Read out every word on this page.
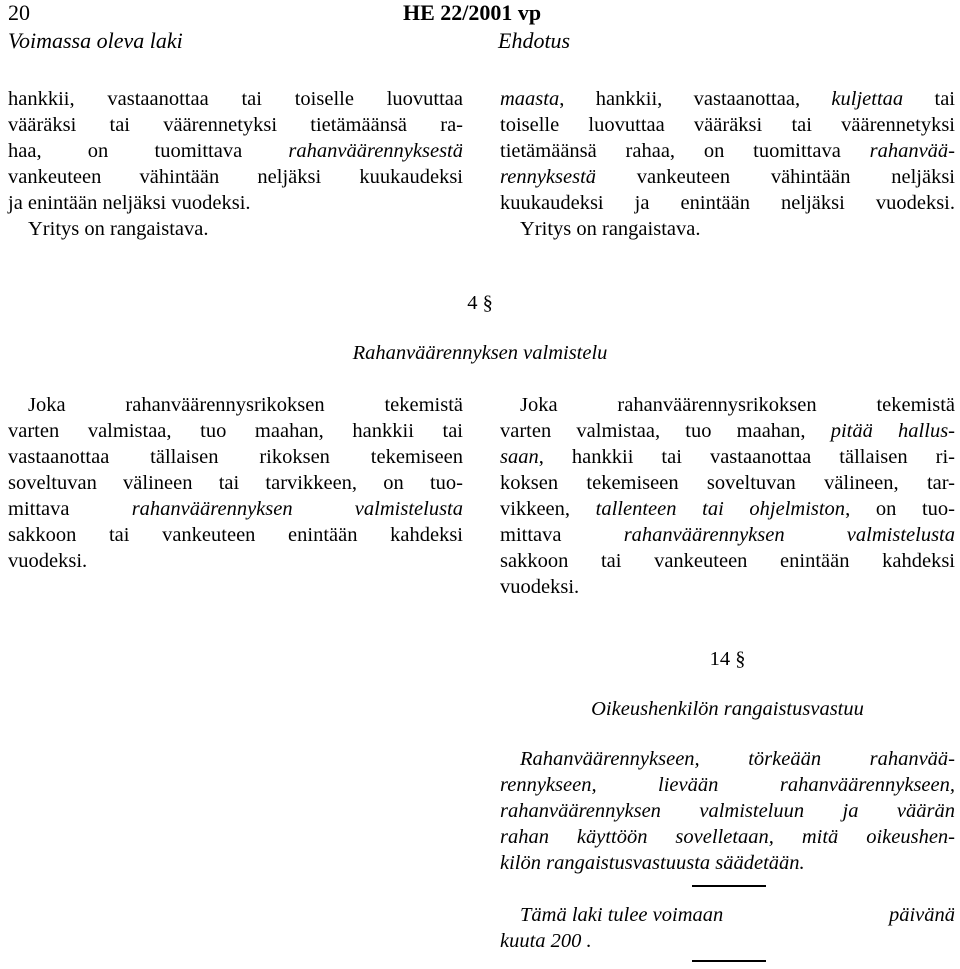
20	HE 22/2001 vp
Voimassa oleva laki	Ehdotus
hankkii, vastaanottaa tai toiselle luovuttaa
vääräksi tai väärennetyksi tietämäänsä ra-
haa, on tuomittava rahanväärennyksestä
vankeuteen vähintään neljäksi kuukaudeksi
ja enintään neljäksi vuodeksi.
Yritys on rangaistava.
maasta, hankkii, vastaanottaa, kuljettaa tai
toiselle luovuttaa vääräksi tai väärennetyksi
tietämäänsä rahaa, on tuomittava rahanvää-
rennyksestä vankeuteen vähintään neljäksi
kuukaudeksi ja enintään neljäksi vuodeksi.
Yritys on rangaistava.
4 §
Rahanväärennyksen valmistelu
Joka rahanväärennysrikoksen tekemistä
varten valmistaa, tuo maahan, hankkii tai
vastaanottaa tällaisen rikoksen tekemiseen
soveltuvan välineen tai tarvikkeen, on tuo-
mittava rahanväärennyksen valmistelusta
sakkoon tai vankeuteen enintään kahdeksi
vuodeksi.
Joka rahanväärennysrikoksen tekemistä
varten valmistaa, tuo maahan, pitää hallus-
saan, hankkii tai vastaanottaa tällaisen ri-
koksen tekemiseen soveltuvan välineen, tar-
vikkeen, tallenteen tai ohjelmiston, on tuo-
mittava rahanväärennyksen valmistelusta
sakkoon tai vankeuteen enintään kahdeksi
vuodeksi.
14 §
Oikeushenkilön rangaistusvastuu
Rahanväärennykseen, törkeään rahanvää-
rennykseen, lievään rahanväärennykseen,
rahanväärennyksen valmisteluun ja väärän
rahan käyttöön sovelletaan, mitä oikeushen-
kilön rangaistusvastuusta säädetään.
Tämä laki tulee voimaan	päivänä
kuuta 200 .
